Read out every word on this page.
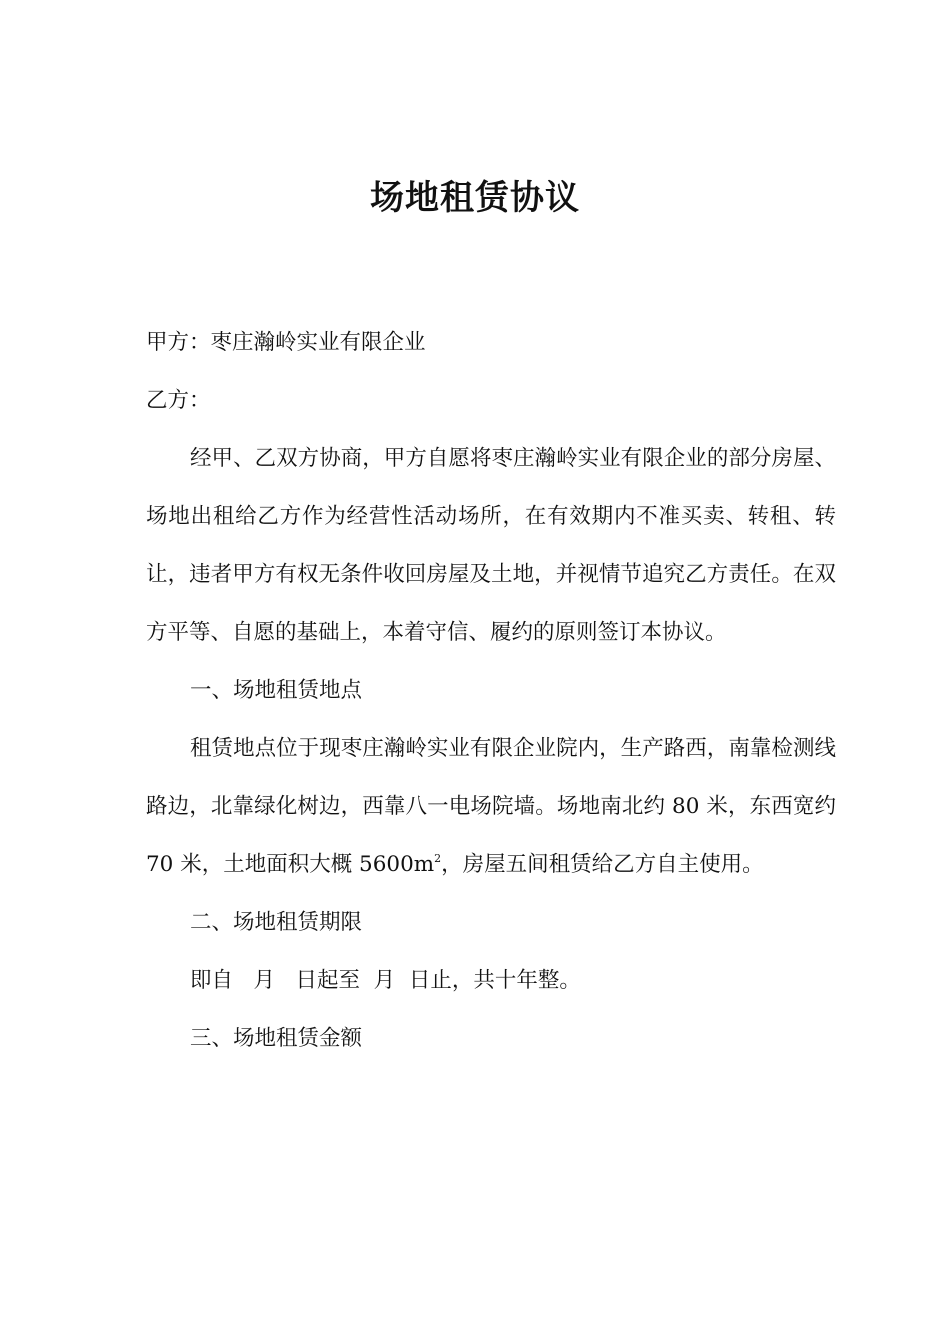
场地租赁协议

甲方：枣庄瀚岭实业有限企业

乙方：

经甲、乙双方协商，甲方自愿将枣庄瀚岭实业有限企业的部分房屋、场地出租给乙方作为经营性活动场所，在有效期内不准买卖、转租、转让，违者甲方有权无条件收回房屋及土地，并视情节追究乙方责任。在双方平等、自愿的基础上，本着守信、履约的原则签订本协议。

一、场地租赁地点

租赁地点位于现枣庄瀚岭实业有限企业院内，生产路西，南靠检测线路边，北靠绿化树边，西靠八一电场院墙。场地南北约 80 米，东西宽约 70 米，土地面积大概 $5600m^2$，房屋五间租赁给乙方自主使用。

二、场地租赁期限

即自   月   日起至  月  日止，共十年整。

三、场地租赁金额
